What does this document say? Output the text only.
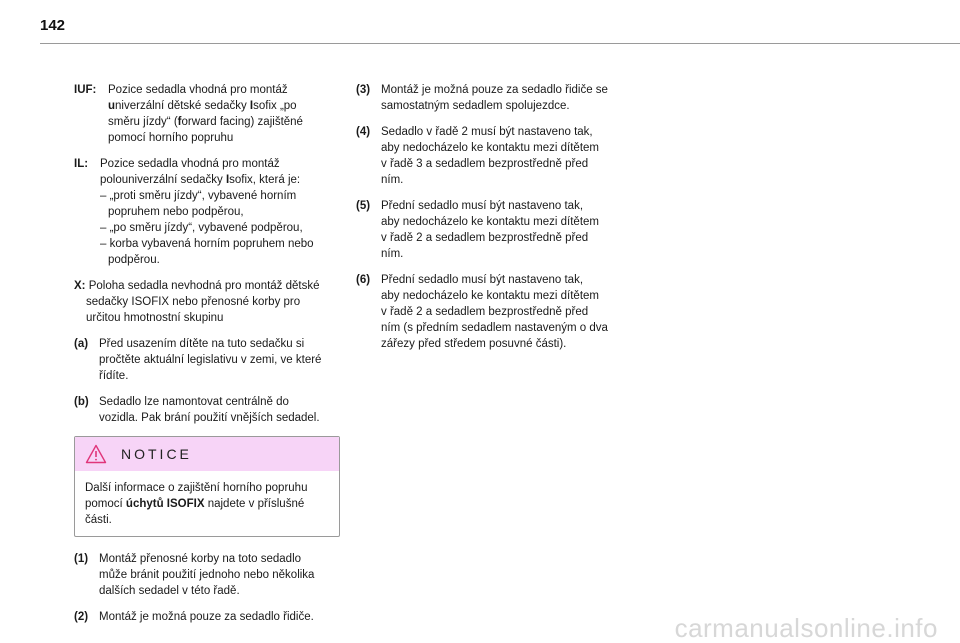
142
IUF:	Pozice sedadla vhodná pro montáž
univerzální dětské sedačky Isofix „po
směru jízdy“ (forward facing) zajištěné
pomocí horního popruhu
IL:	Pozice sedadla vhodná pro montáž
polouniverzální sedačky Isofix, která je:
– „proti směru jízdy“, vybavené horním
popruhem nebo podpěrou,
– „po směru jízdy“, vybavené podpěrou,
– korba vybavená horním popruhem nebo
podpěrou.
X: Poloha sedadla nevhodná pro montáž dětské
sedačky ISOFIX nebo přenosné korby pro
určitou hmotnostní skupinu
(a) Před usazením dítěte na tuto sedačku si
pročtěte aktuální legislativu v zemi, ve které
řídíte.
(b) Sedadlo lze namontovat centrálně do
vozidla. Pak brání použití vnějších sedadel.
NOTICE
Další informace o zajištění horního popruhu
pomocí úchytů ISOFIX najdete v příslušné
části.
(1) Montáž přenosné korby na toto sedadlo
může bránit použití jednoho nebo několika
dalších sedadel v této řadě.
(2) Montáž je možná pouze za sedadlo řidiče.
(3) Montáž je možná pouze za sedadlo řidiče se
samostatným sedadlem spolujezdce.
(4) Sedadlo v řadě 2 musí být nastaveno tak,
aby nedocházelo ke kontaktu mezi dítětem
v řadě 3 a sedadlem bezprostředně před
ním.
(5) Přední sedadlo musí být nastaveno tak,
aby nedocházelo ke kontaktu mezi dítětem
v řadě 2 a sedadlem bezprostředně před
ním.
(6) Přední sedadlo musí být nastaveno tak,
aby nedocházelo ke kontaktu mezi dítětem
v řadě 2 a sedadlem bezprostředně před
ním (s předním sedadlem nastaveným o dva
zářezy před středem posuvné části).
carmanualsonline.info
